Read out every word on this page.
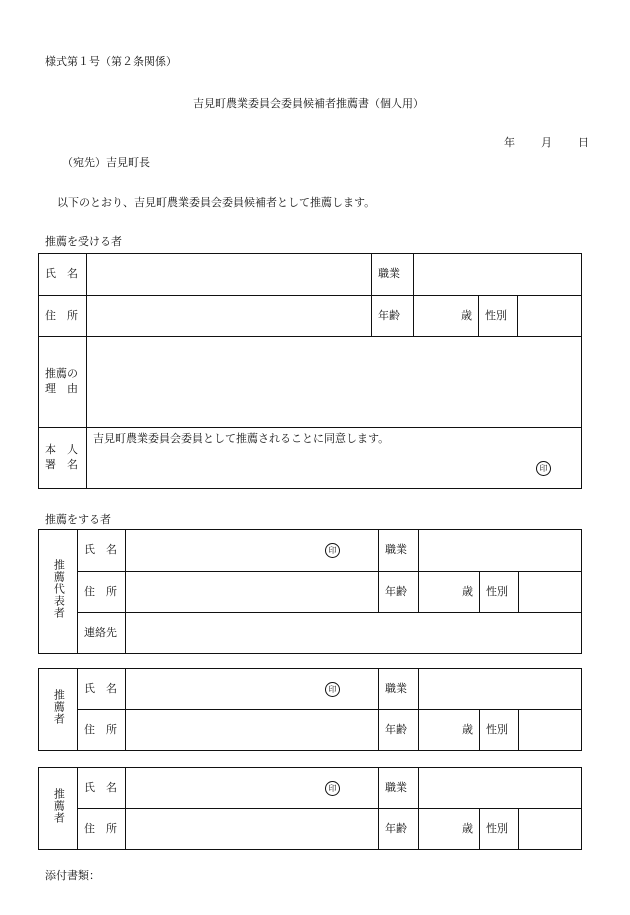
様式第１号（第２条関係）
吉見町農業委員会委員候補者推薦書（個人用）
年 月 日
（宛先）吉見町長
以下のとおり、吉見町農業委員会委員候補者として推薦します。
推薦を受ける者
氏　 名		職業			
住　 所		年齢	歳	性別	

推薦の
理　 由					

本　 人
署　 名	吉見町農業委員会委員として推薦されることに同意します。
印				
推薦をする者
推薦代表者	氏　 名	印	職業			
	住　 所		年齢	歳	性別	
	連絡先					
推薦者	氏　 名	印	職業			
	住　 所		年齢	歳	性別	
推薦者	氏　 名	印	職業			
	住　 所		年齢	歳	性別	
添付書類：
